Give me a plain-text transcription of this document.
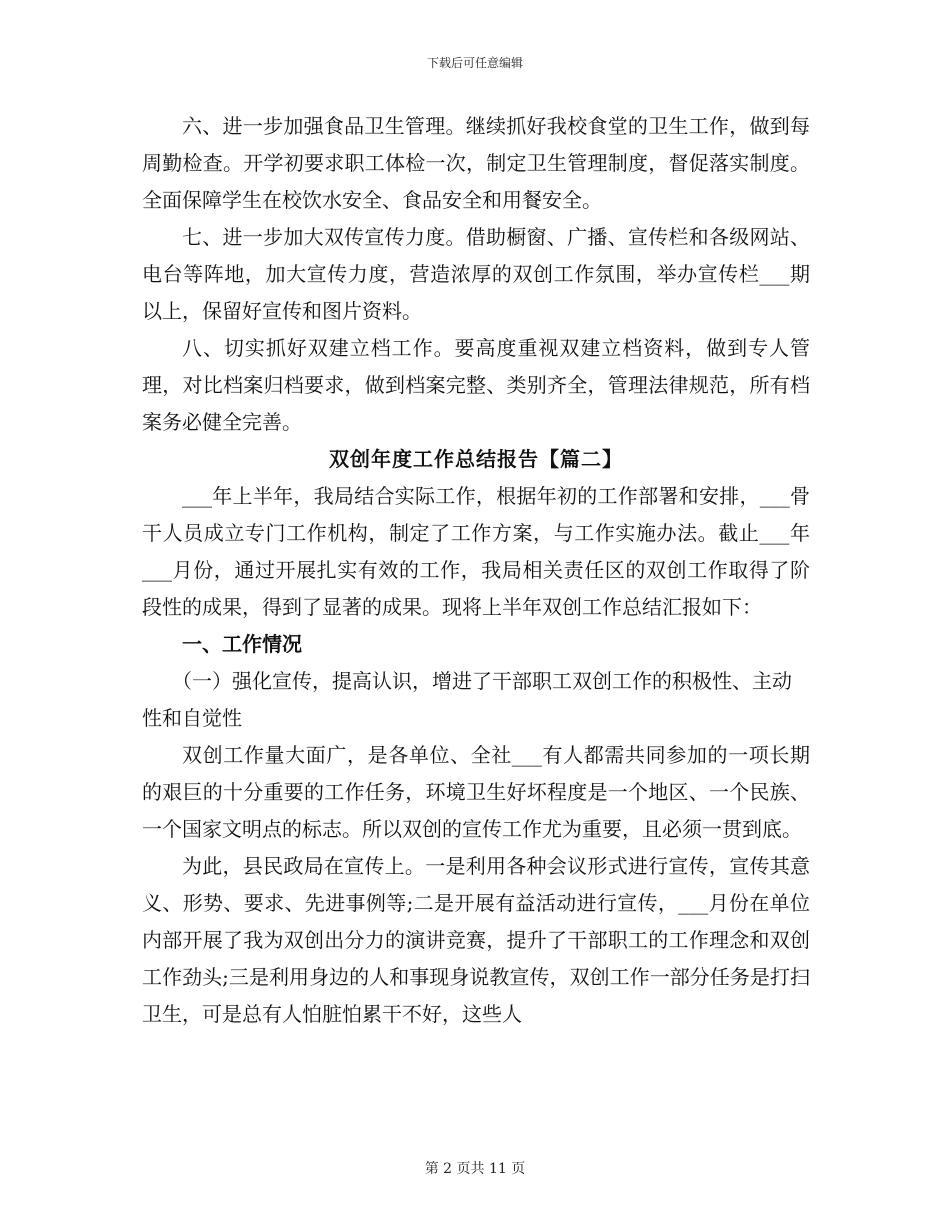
下载后可任意编辑

六、进一步加强食品卫生管理。继续抓好我校食堂的卫生工作，做到每周勤检查。开学初要求职工体检一次，制定卫生管理制度，督促落实制度。全面保障学生在校饮水安全、食品安全和用餐安全。

七、进一步加大双传宣传力度。借助橱窗、广播、宣传栏和各级网站、电台等阵地，加大宣传力度，营造浓厚的双创工作氛围，举办宣传栏___期以上，保留好宣传和图片资料。

八、切实抓好双建立档工作。要高度重视双建立档资料，做到专人管理，对比档案归档要求，做到档案完整、类别齐全，管理法律规范，所有档案务必健全完善。

双创年度工作总结报告【篇二】

___年上半年，我局结合实际工作，根据年初的工作部署和安排，___骨干人员成立专门工作机构，制定了工作方案，与工作实施办法。截止___年___月份，通过开展扎实有效的工作，我局相关责任区的双创工作取得了阶段性的成果，得到了显著的成果。现将上半年双创工作总结汇报如下：

一、工作情况

（一）强化宣传，提高认识，增进了干部职工双创工作的积极性、主动性和自觉性

双创工作量大面广，是各单位、全社___有人都需共同参加的一项长期的艰巨的十分重要的工作任务，环境卫生好坏程度是一个地区、一个民族、一个国家文明点的标志。所以双创的宣传工作尤为重要，且必须一贯到底。

为此，县民政局在宣传上。一是利用各种会议形式进行宣传，宣传其意义、形势、要求、先进事例等;二是开展有益活动进行宣传，___月份在单位内部开展了我为双创出分力的演讲竞赛，提升了干部职工的工作理念和双创工作劲头;三是利用身边的人和事现身说教宣传，双创工作一部分任务是打扫卫生，可是总有人怕脏怕累干不好，这些人

第 2 页共 11 页
